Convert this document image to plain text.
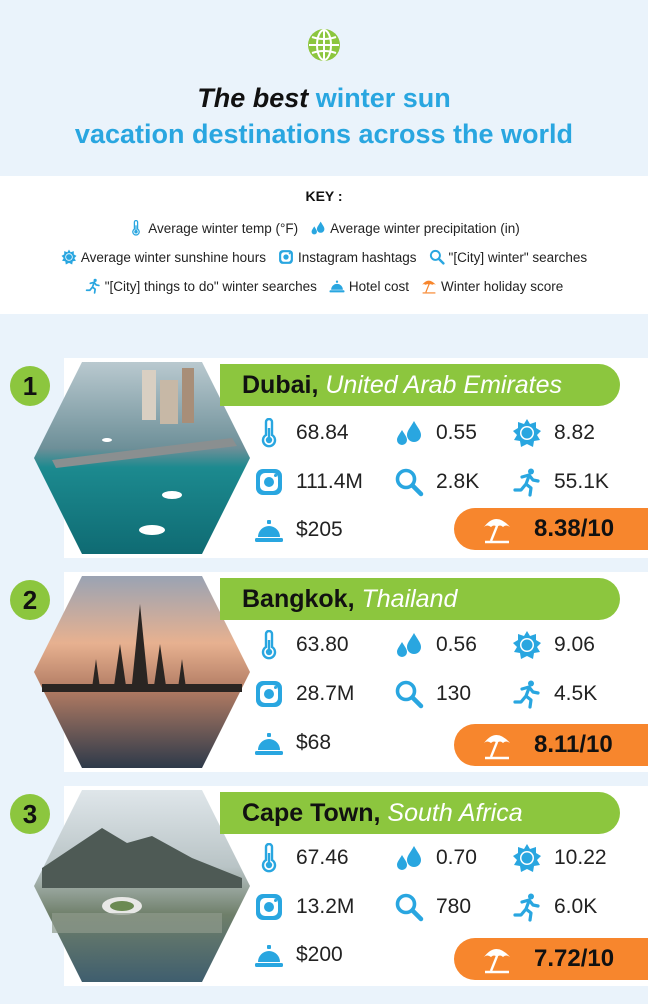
The best winter sun
vacation destinations across the world
KEY :
Average winter temp (°F) Average winter precipitation (in)
Average winter sunshine hours Instagram hashtags "[City] winter" searches
"[City] things to do" winter searches Hotel cost Winter holiday score
1	Dubai, United Arab Emirates
68.84	0.55	8.82
111.4M	2.8K	55.1K
$205	8.38/10
2	Bangkok, Thailand
63.80	0.56	9.06
28.7M	130	4.5K
$68	8.11/10
3	Cape Town, South Africa
67.46	0.70	10.22
13.2M	780	6.0K
$200	7.72/10
